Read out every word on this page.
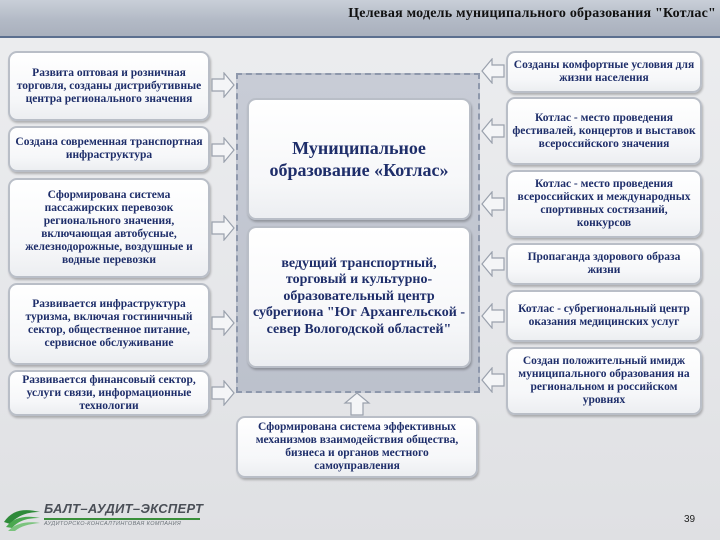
Целевая модель муниципального образования "Котлас"
Муниципальное образование «Котлас»
ведущий транспортный, торговый и культурно-образовательный центр субрегиона "Юг Архангельской - север Вологодской областей"
Развита оптовая и розничная торговля, созданы дистрибутивные центра регионального значения
Создана современная транспортная инфраструктура
Сформирована система пассажирских перевозок регионального значения, включающая автобусные, железнодорожные, воздушные и водные перевозки
Развивается инфраструктура туризма, включая гостиничный сектор, общественное питание, сервисное обслуживание
Развивается финансовый сектор, услуги связи, информационные технологии
Созданы комфортные условия для жизни населения
Котлас - место проведения фестивалей, концертов и выставок всероссийского значения
Котлас - место проведения всероссийских и международных спортивных состязаний, конкурсов
Пропаганда здорового образа жизни
Котлас - субрегиональный центр оказания медицинских услуг
Создан положительный имидж муниципального образования на региональном и российском уровнях
Сформирована система эффективных механизмов взаимодействия общества, бизнеса и органов местного самоуправления
БАЛТ–АУДИТ–ЭКСПЕРТ
АУДИТОРСКО-КОНСАЛТИНГОВАЯ КОМПАНИЯ	39
